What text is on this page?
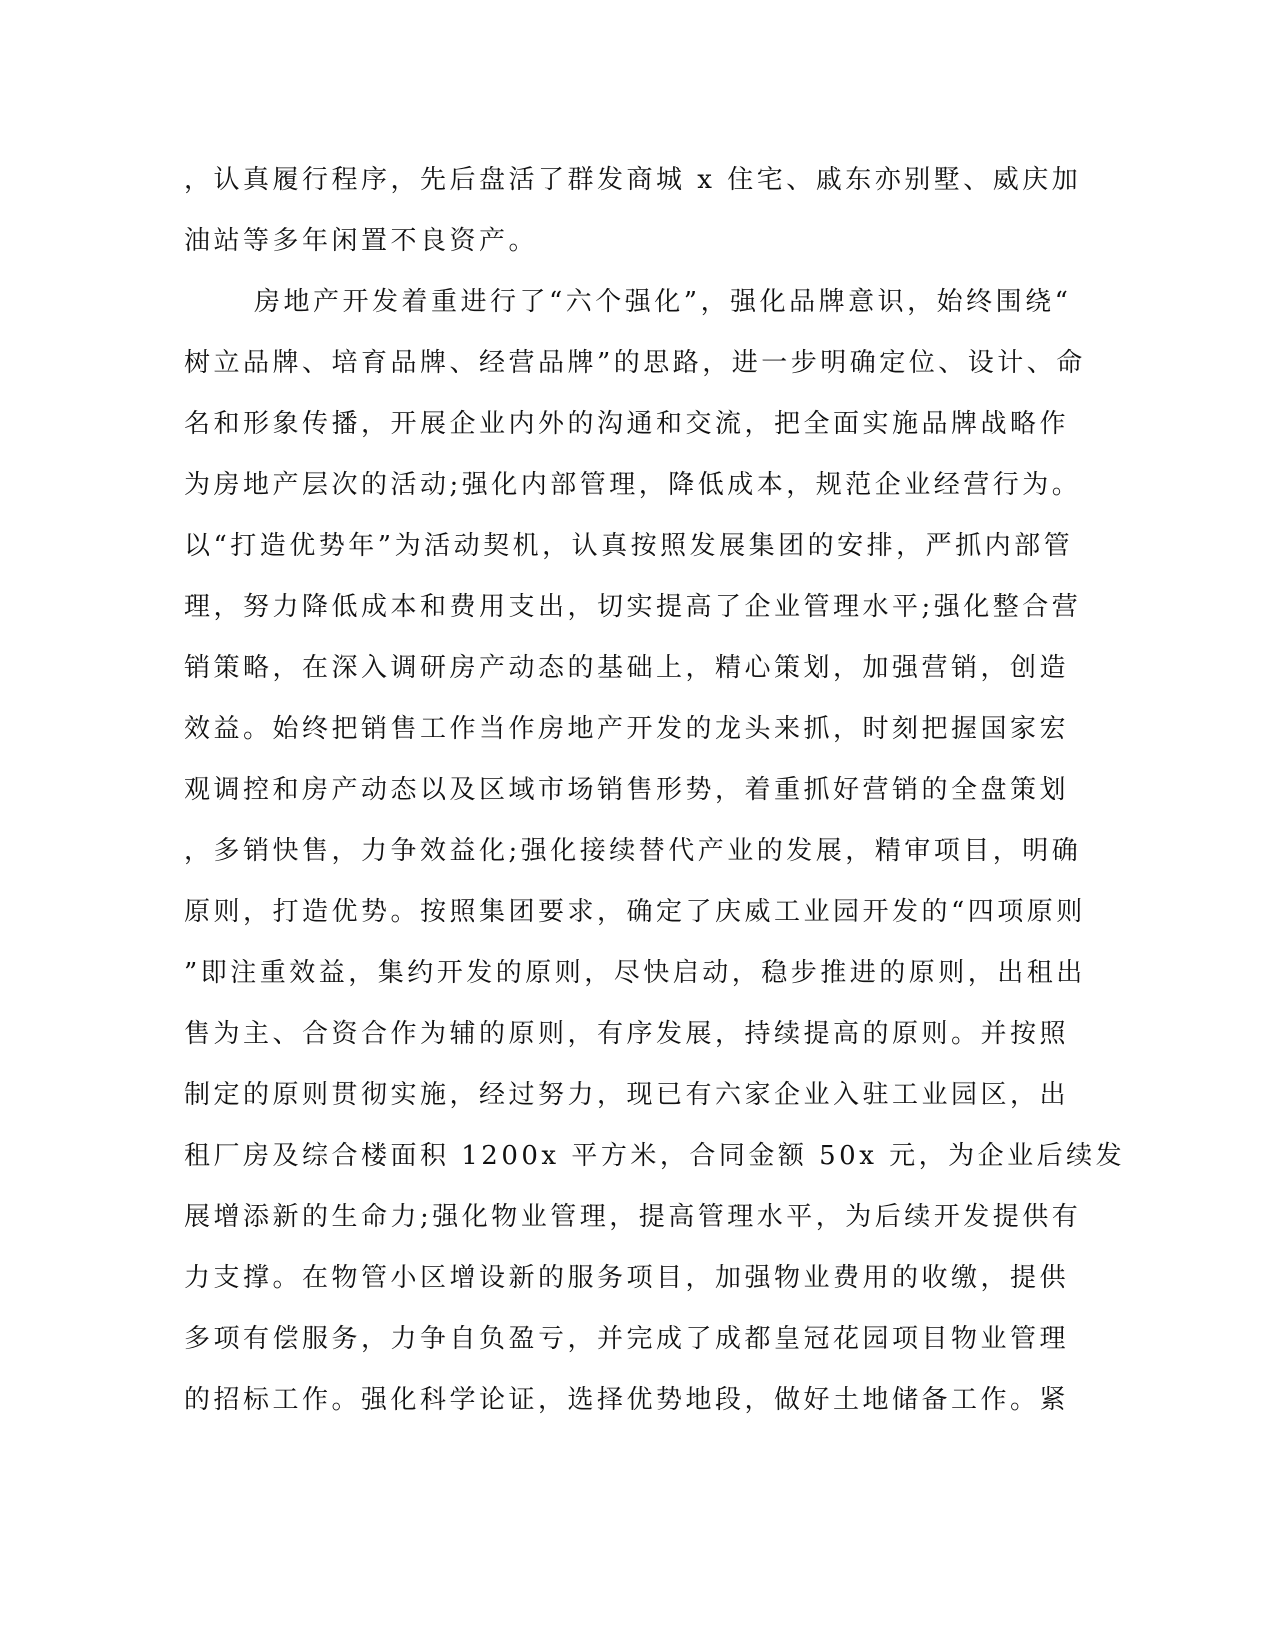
，认真履行程序，先后盘活了群发商城 x 住宅、戚东亦别墅、威庆加
油站等多年闲置不良资产。
房地产开发着重进行了“六个强化”，强化品牌意识，始终围绕“
树立品牌、培育品牌、经营品牌”的思路，进一步明确定位、设计、命
名和形象传播，开展企业内外的沟通和交流，把全面实施品牌战略作
为房地产层次的活动;强化内部管理，降低成本，规范企业经营行为。
以“打造优势年”为活动契机，认真按照发展集团的安排，严抓内部管
理，努力降低成本和费用支出，切实提高了企业管理水平;强化整合营
销策略，在深入调研房产动态的基础上，精心策划，加强营销，创造
效益。始终把销售工作当作房地产开发的龙头来抓，时刻把握国家宏
观调控和房产动态以及区域市场销售形势，着重抓好营销的全盘策划
，多销快售，力争效益化;强化接续替代产业的发展，精审项目，明确
原则，打造优势。按照集团要求，确定了庆威工业园开发的“四项原则
”即注重效益，集约开发的原则，尽快启动，稳步推进的原则，出租出
售为主、合资合作为辅的原则，有序发展，持续提高的原则。并按照
制定的原则贯彻实施，经过努力，现已有六家企业入驻工业园区，出
租厂房及综合楼面积 1200x 平方米，合同金额 50x 元，为企业后续发
展增添新的生命力;强化物业管理，提高管理水平，为后续开发提供有
力支撑。在物管小区增设新的服务项目，加强物业费用的收缴，提供
多项有偿服务，力争自负盈亏，并完成了成都皇冠花园项目物业管理
的招标工作。强化科学论证，选择优势地段，做好土地储备工作。紧
